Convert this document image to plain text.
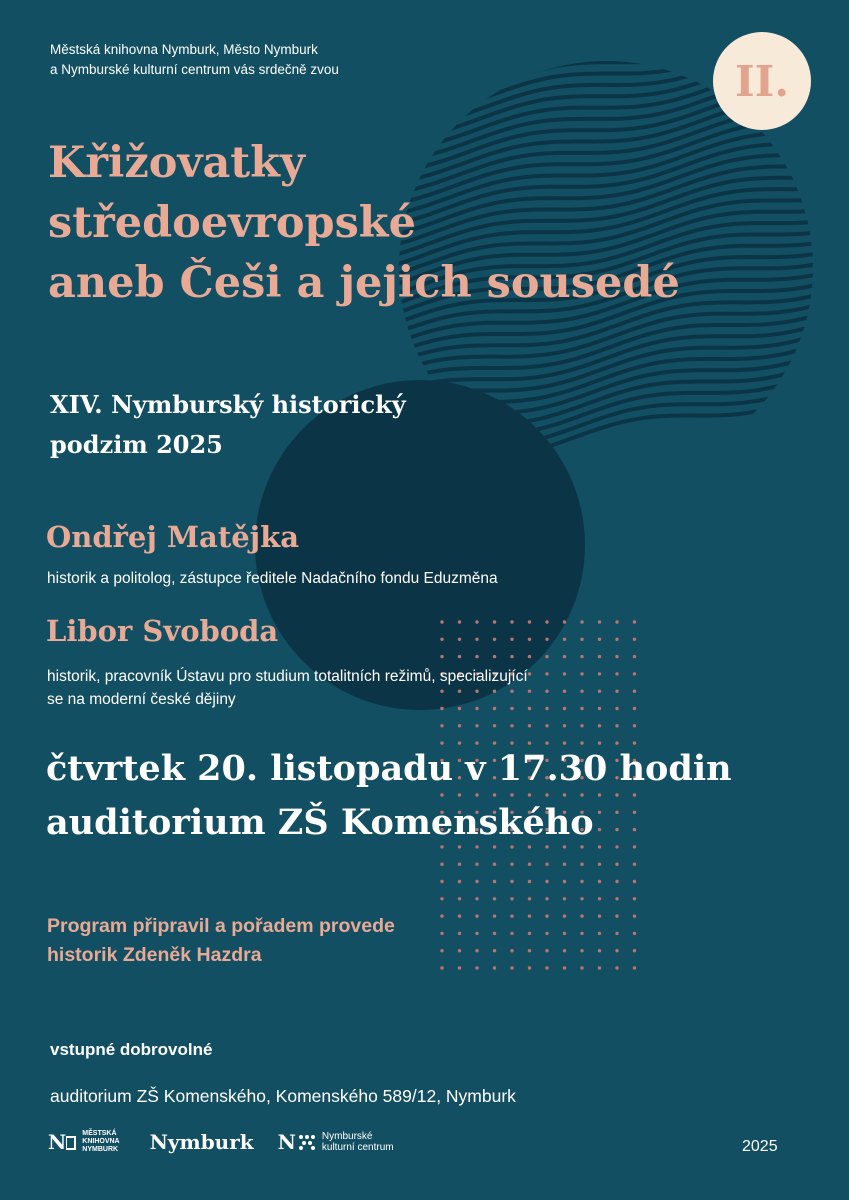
Městská knihovna Nymburk, Město Nymburk
a Nymburské kulturní centrum vás srdečně zvou	II.
Křižovatky
středoevropské
aneb Češi a jejich sousedé
XIV. Nymburský historický
podzim 2025
Ondřej Matějka
historik a politolog, zástupce ředitele Nadačního fondu Eduzměna
Libor Svoboda
historik, pracovník Ústavu pro studium totalitních režimů, specializující
se na moderní české dějiny
čtvrtek 20. listopadu v 17.30 hodin
auditorium ZŠ Komenského
Program připravil a pořadem provede
historik Zdeněk Hazdra
vstupné dobrovolné
auditorium ZŠ Komenského, Komenského 589/12, Nymburk
N	MĚSTSKÁ
KNIHOVNA
NYMBURK Nymburk N	Nymburské
kulturní centrum	2025
